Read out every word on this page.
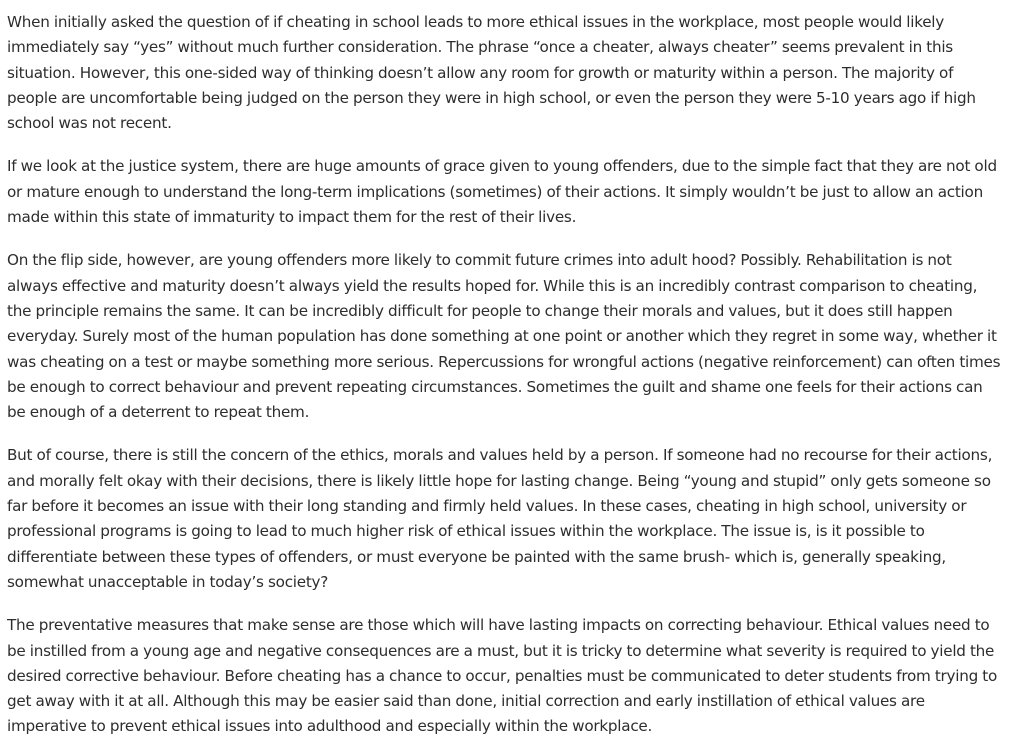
When initially asked the question of if cheating in school leads to more ethical issues in the workplace, most people would likely immediately say “yes” without much further consideration. The phrase “once a cheater, always cheater” seems prevalent in this situation. However, this one-sided way of thinking doesn’t allow any room for growth or maturity within a person. The majority of people are uncomfortable being judged on the person they were in high school, or even the person they were 5-10 years ago if high school was not recent.

If we look at the justice system, there are huge amounts of grace given to young offenders, due to the simple fact that they are not old or mature enough to understand the long-term implications (sometimes) of their actions. It simply wouldn’t be just to allow an action made within this state of immaturity to impact them for the rest of their lives.

On the flip side, however, are young offenders more likely to commit future crimes into adult hood? Possibly. Rehabilitation is not always effective and maturity doesn’t always yield the results hoped for. While this is an incredibly contrast comparison to cheating, the principle remains the same. It can be incredibly difficult for people to change their morals and values, but it does still happen everyday. Surely most of the human population has done something at one point or another which they regret in some way, whether it was cheating on a test or maybe something more serious. Repercussions for wrongful actions (negative reinforcement) can often times be enough to correct behaviour and prevent repeating circumstances. Sometimes the guilt and shame one feels for their actions can be enough of a deterrent to repeat them.

But of course, there is still the concern of the ethics, morals and values held by a person. If someone had no recourse for their actions, and morally felt okay with their decisions, there is likely little hope for lasting change. Being “young and stupid” only gets someone so far before it becomes an issue with their long standing and firmly held values. In these cases, cheating in high school, university or professional programs is going to lead to much higher risk of ethical issues within the workplace. The issue is, is it possible to differentiate between these types of offenders, or must everyone be painted with the same brush- which is, generally speaking, somewhat unacceptable in today’s society?

The preventative measures that make sense are those which will have lasting impacts on correcting behaviour. Ethical values need to be instilled from a young age and negative consequences are a must, but it is tricky to determine what severity is required to yield the desired corrective behaviour. Before cheating has a chance to occur, penalties must be communicated to deter students from trying to get away with it at all. Although this may be easier said than done, initial correction and early instillation of ethical values are imperative to prevent ethical issues into adulthood and especially within the workplace.
